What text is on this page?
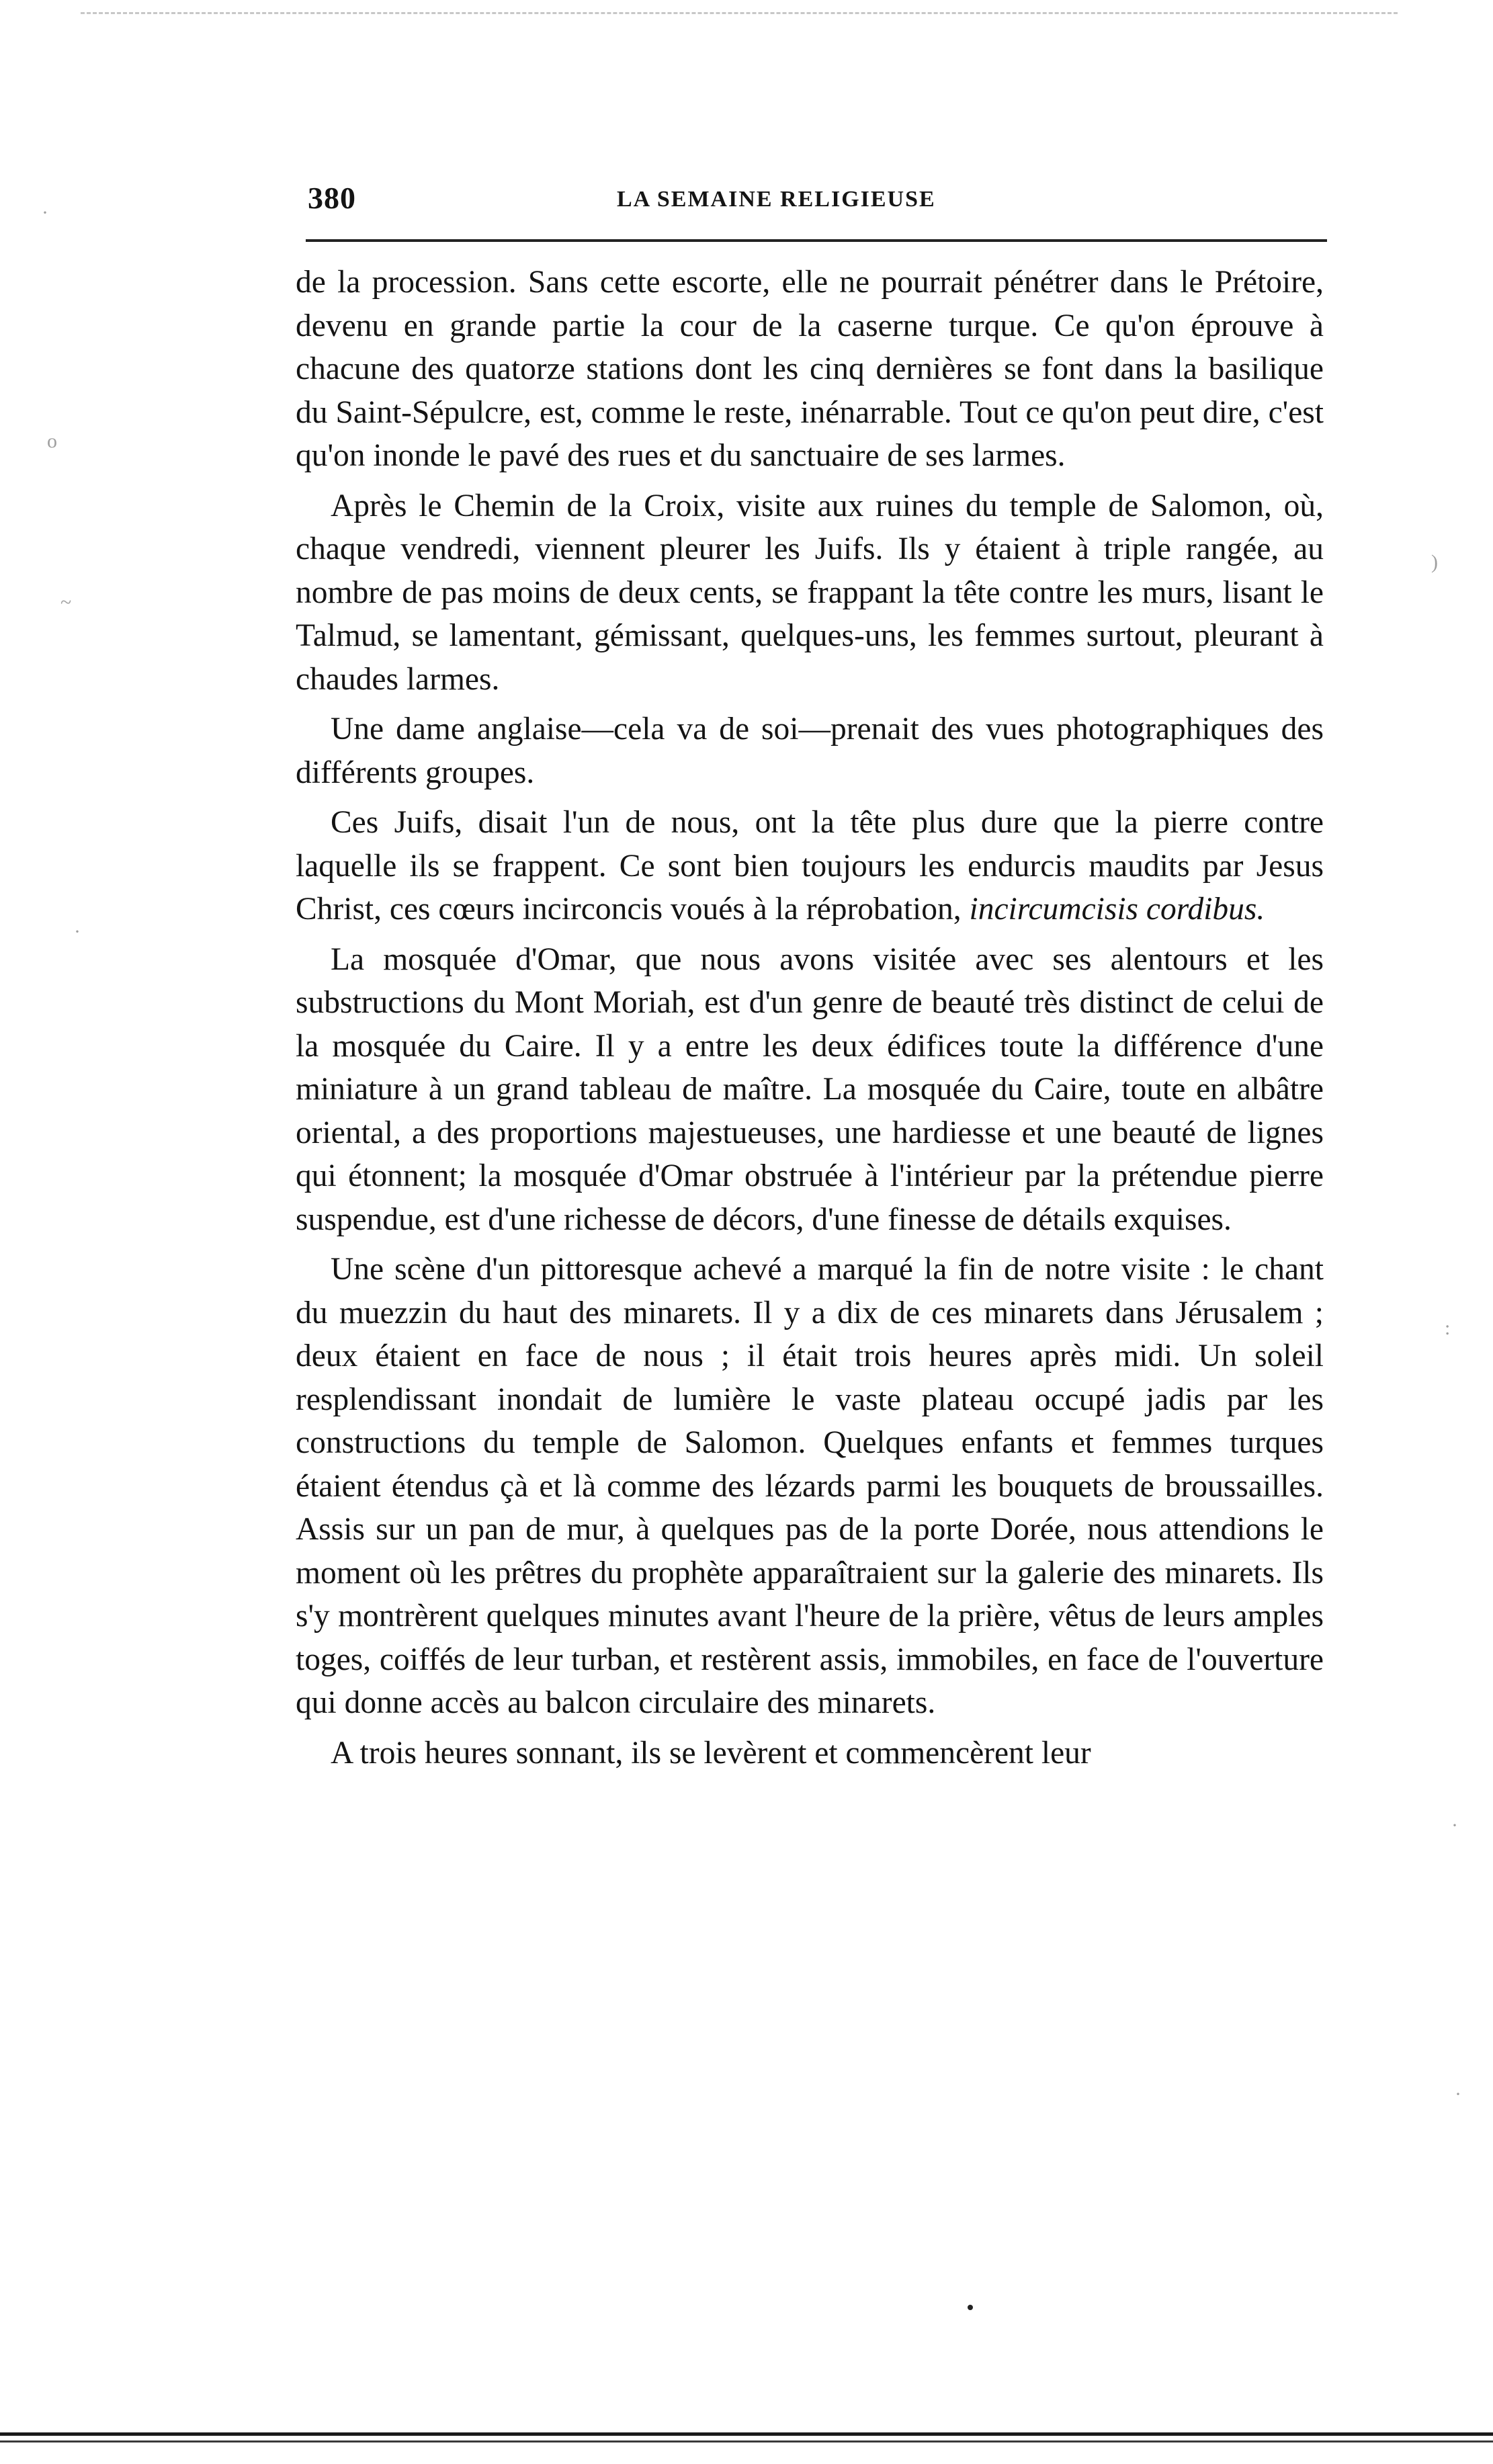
·
o
~
·
)
:
·
·
380	LA SEMAINE RELIGIEUSE

de la procession. Sans cette escorte, elle ne pourrait pénétrer dans le Prétoire, devenu en grande partie la cour de la caserne turque. Ce qu'on éprouve à chacune des quatorze stations dont les cinq dernières se font dans la basilique du Saint-Sépulcre, est, comme le reste, inénarrable. Tout ce qu'on peut dire, c'est qu'on inonde le pavé des rues et du sanctuaire de ses larmes.

Après le Chemin de la Croix, visite aux ruines du temple de Salomon, où, chaque vendredi, viennent pleurer les Juifs. Ils y étaient à triple rangée, au nombre de pas moins de deux cents, se frappant la tête contre les murs, lisant le Talmud, se lamentant, gémissant, quelques-uns, les femmes surtout, pleurant à chaudes larmes.

Une dame anglaise—cela va de soi—prenait des vues photographiques des différents groupes.

Ces Juifs, disait l'un de nous, ont la tête plus dure que la pierre contre laquelle ils se frappent. Ce sont bien toujours les endurcis maudits par Jesus Christ, ces cœurs incirconcis voués à la réprobation, incircumcisis cordibus.

La mosquée d'Omar, que nous avons visitée avec ses alentours et les substructions du Mont Moriah, est d'un genre de beauté très distinct de celui de la mosquée du Caire. Il y a entre les deux édifices toute la différence d'une miniature à un grand tableau de maître. La mosquée du Caire, toute en albâtre oriental, a des proportions majestueuses, une hardiesse et une beauté de lignes qui étonnent; la mosquée d'Omar obstruée à l'intérieur par la prétendue pierre suspendue, est d'une richesse de décors, d'une finesse de détails exquises.

Une scène d'un pittoresque achevé a marqué la fin de notre visite : le chant du muezzin du haut des minarets. Il y a dix de ces minarets dans Jérusalem ; deux étaient en face de nous ; il était trois heures après midi. Un soleil resplendissant inondait de lumière le vaste plateau occupé jadis par les constructions du temple de Salomon. Quelques enfants et femmes turques étaient étendus çà et là comme des lézards parmi les bouquets de broussailles. Assis sur un pan de mur, à quelques pas de la porte Dorée, nous attendions le moment où les prêtres du prophète apparaîtraient sur la galerie des minarets. Ils s'y montrèrent quelques minutes avant l'heure de la prière, vêtus de leurs amples toges, coiffés de leur turban, et restèrent assis, immobiles, en face de l'ouverture qui donne accès au balcon circulaire des minarets.

A trois heures sonnant, ils se levèrent et commencèrent leur
